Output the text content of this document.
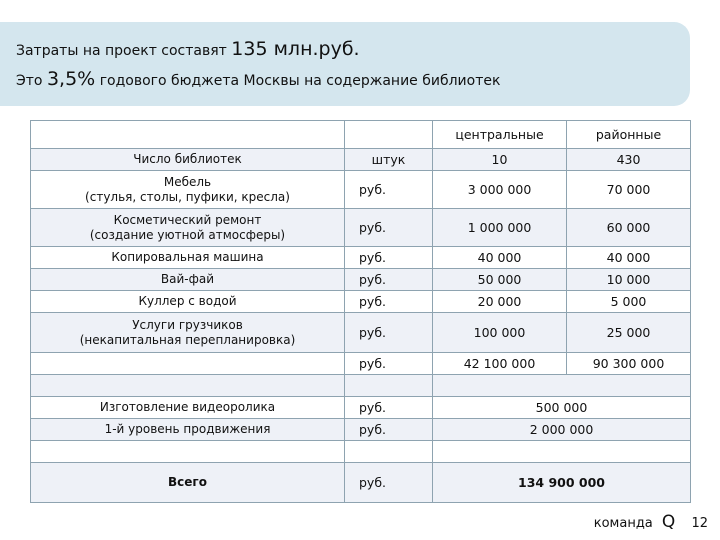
Затраты на проект составят 135 млн.руб.
Это 3,5% годового бюджета Москвы на содержание библиотек
		центральные	районные
Число библиотек	штук	10	430

Мебель
(стулья, столы, пуфики, кресла)	руб.	3 000 000	70 000

Косметический ремонт
(создание уютной атмосферы)	руб.	1 000 000	60 000
Копировальная машина	руб.	40 000	40 000
Вай-фай	руб.	50 000	10 000
Куллер с водой	руб.	20 000	5 000

Услуги грузчиков
(некапитальная перепланировка)	руб.	100 000	25 000
	руб.	42 100 000	90 300 000

Изготовление видеоролика	руб.	500 000	
1-й уровень продвижения	руб.	2 000 000	

Всего	руб.	134 900 000	
команда Q 12
